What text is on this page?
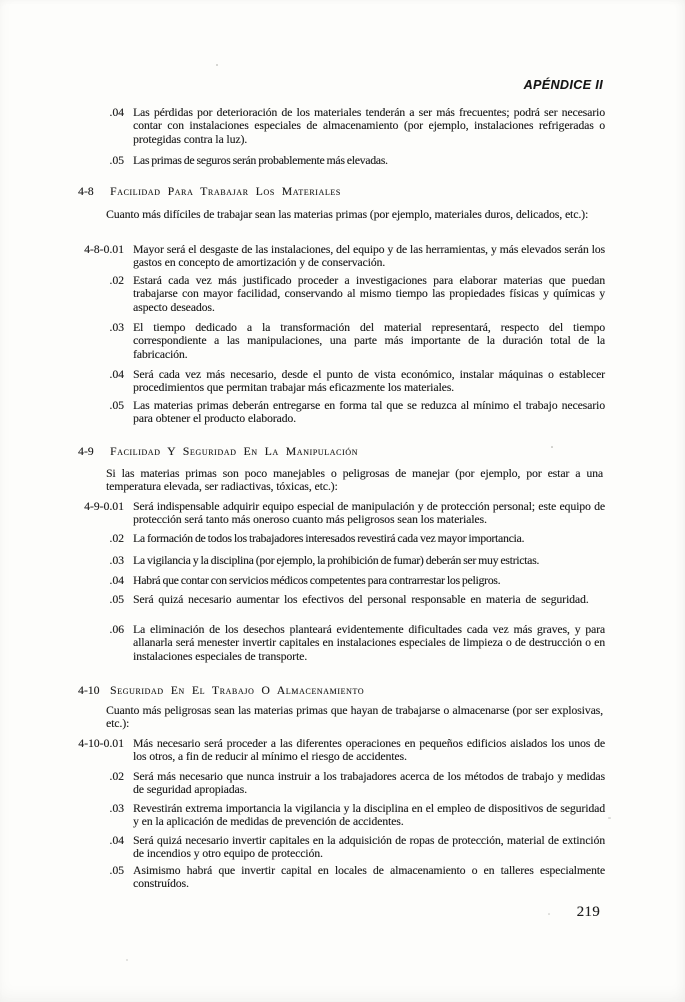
APÉNDICE II
.04 Las pérdidas por deterioración de los materiales tenderán a ser más frecuentes; podrá ser necesario contar con instalaciones especiales de almacenamiento (por ejemplo, instalaciones refrigeradas o protegidas contra la luz).
.05 Las primas de seguros serán probablemente más elevadas.
4-8 Facilidad Para Trabajar Los Materiales
Cuanto más difíciles de trabajar sean las materias primas (por ejemplo, materiales duros, delicados, etc.):
4-8-0.01 Mayor será el desgaste de las instalaciones, del equipo y de las herramientas, y más elevados serán los gastos en concepto de amortización y de conservación.
.02 Estará cada vez más justificado proceder a investigaciones para elaborar materias que puedan trabajarse con mayor facilidad, conservando al mismo tiempo las propiedades físicas y químicas y aspecto deseados.
.03 El tiempo dedicado a la transformación del material representará, respecto del tiempo correspondiente a las manipulaciones, una parte más importante de la duración total de la fabricación.
.04 Será cada vez más necesario, desde el punto de vista económico, instalar máquinas o establecer procedimientos que permitan trabajar más eficazmente los materiales.
.05 Las materias primas deberán entregarse en forma tal que se reduzca al mínimo el trabajo necesario para obtener el producto elaborado.
4-9 Facilidad Y Seguridad En La Manipulación
Si las materias primas son poco manejables o peligrosas de manejar (por ejemplo, por estar a una temperatura elevada, ser radiactivas, tóxicas, etc.):
4-9-0.01 Será indispensable adquirir equipo especial de manipulación y de protección personal; este equipo de protección será tanto más oneroso cuanto más peligrosos sean los materiales.
.02 La formación de todos los trabajadores interesados revestirá cada vez mayor importancia.
.03 La vigilancia y la disciplina (por ejemplo, la prohibición de fumar) deberán ser muy estrictas.
.04 Habrá que contar con servicios médicos competentes para contrarrestar los peligros.
.05 Será quizá necesario aumentar los efectivos del personal responsable en materia de seguridad.
.06 La eliminación de los desechos planteará evidentemente dificultades cada vez más graves, y para allanarla será menester invertir capitales en instalaciones especiales de limpieza o de destrucción o en instalaciones especiales de transporte.
4-10 Seguridad En El Trabajo O Almacenamiento
Cuanto más peligrosas sean las materias primas que hayan de trabajarse o almacenarse (por ser explosivas, etc.):
4-10-0.01 Más necesario será proceder a las diferentes operaciones en pequeños edificios aislados los unos de los otros, a fin de reducir al mínimo el riesgo de accidentes.
.02 Será más necesario que nunca instruir a los trabajadores acerca de los métodos de trabajo y medidas de seguridad apropiadas.
.03 Revestirán extrema importancia la vigilancia y la disciplina en el empleo de dispositivos de seguridad y en la aplicación de medidas de prevención de accidentes.
.04 Será quizá necesario invertir capitales en la adquisición de ropas de protección, material de extinción de incendios y otro equipo de protección.
.05 Asimismo habrá que invertir capital en locales de almacenamiento o en talleres especialmente construídos.
219
